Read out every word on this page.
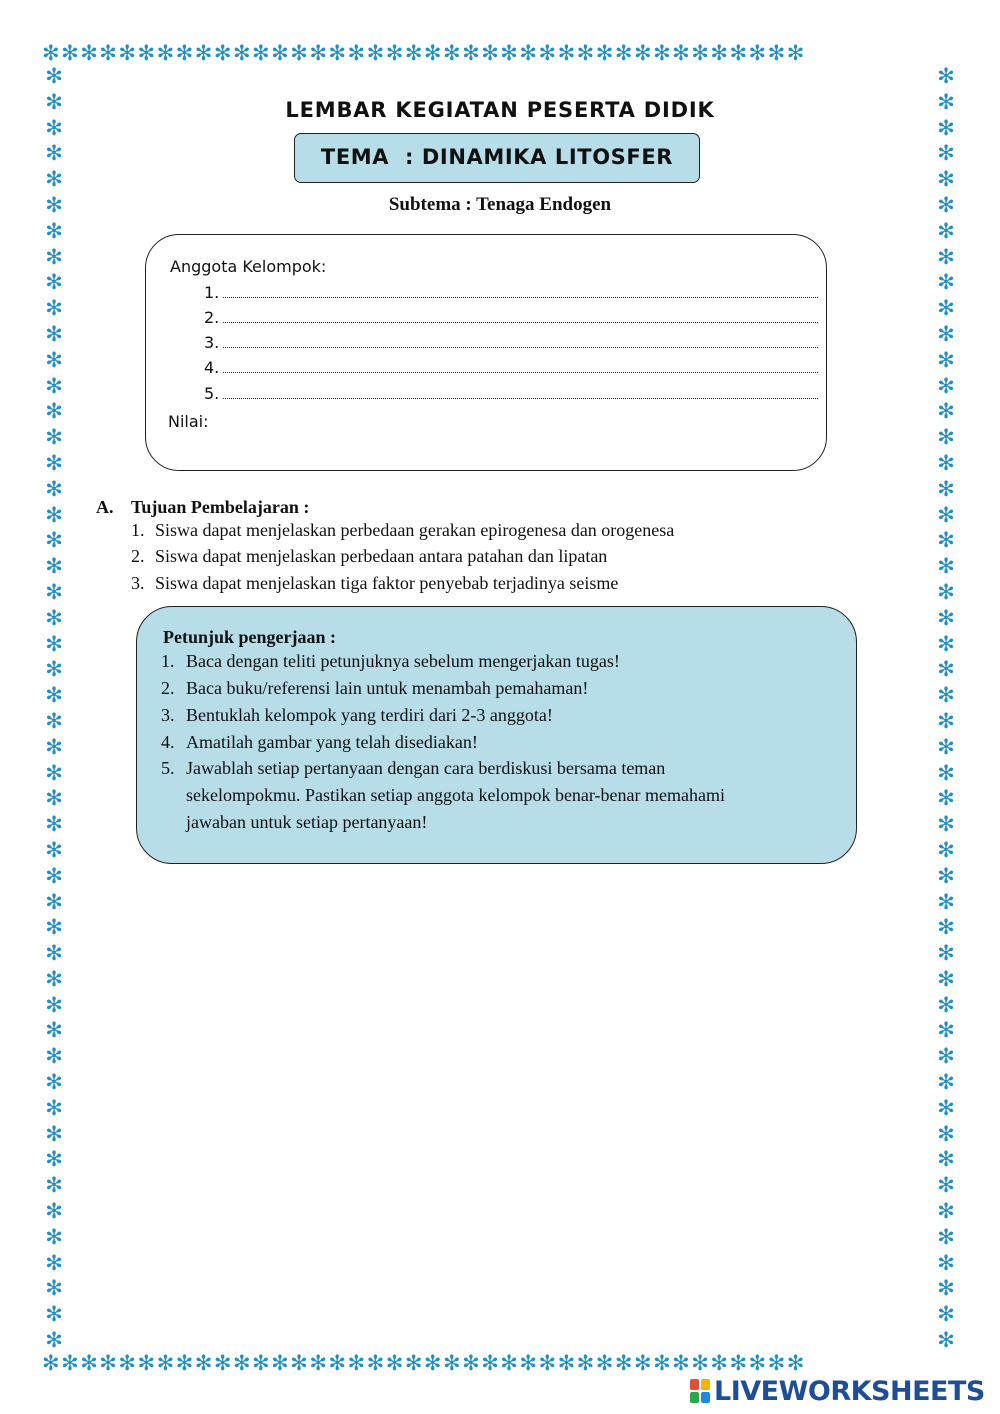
✻✻✻✻✻✻✻✻✻✻✻✻✻✻✻✻✻✻✻✻✻✻✻✻✻✻✻✻✻✻✻✻✻✻✻✻✻✻✻✻
✻✻✻✻✻✻✻✻✻✻✻✻✻✻✻✻✻✻✻✻✻✻✻✻✻✻✻✻✻✻✻✻✻✻✻✻✻✻✻✻
✻
✻
✻
✻
✻
✻
✻
✻
✻
✻
✻
✻
✻
✻
✻
✻
✻
✻
✻
✻
✻
✻
✻
✻
✻
✻
✻
✻
✻
✻
✻
✻
✻
✻
✻
✻
✻
✻
✻
✻
✻
✻
✻
✻
✻
✻
✻
✻
✻
✻
✻
✻
✻
✻
✻
✻
✻
✻
✻
✻
✻
✻
✻
✻
✻
✻
✻
✻
✻
✻
✻
✻
✻
✻
✻
✻
✻
✻
✻
✻
✻
✻
✻
✻
✻
✻
✻
✻
✻
✻
✻
✻
✻
✻
✻
✻
✻
✻
✻
✻
LEMBAR KEGIATAN PESERTA DIDIK
TEMA  : DINAMIKA LITOSFER
Subtema : Tenaga Endogen
Anggota Kelompok:
1.
2.
3.
4.
5.
Nilai:
A. Tujuan Pembelajaran :
1. Siswa dapat menjelaskan perbedaan gerakan epirogenesa dan orogenesa
2. Siswa dapat menjelaskan perbedaan antara patahan dan lipatan
3. Siswa dapat menjelaskan tiga faktor penyebab terjadinya seisme
Petunjuk pengerjaan :
1. Baca dengan teliti petunjuknya sebelum mengerjakan tugas!
2. Baca buku/referensi lain untuk menambah pemahaman!
3. Bentuklah kelompok yang terdiri dari 2-3 anggota!
4. Amatilah gambar yang telah disediakan!
5. Jawablah setiap pertanyaan dengan cara berdiskusi bersama teman sekelompokmu. Pastikan setiap anggota kelompok benar-benar memahami jawaban untuk setiap pertanyaan!
LIVEWORKSHEETS
